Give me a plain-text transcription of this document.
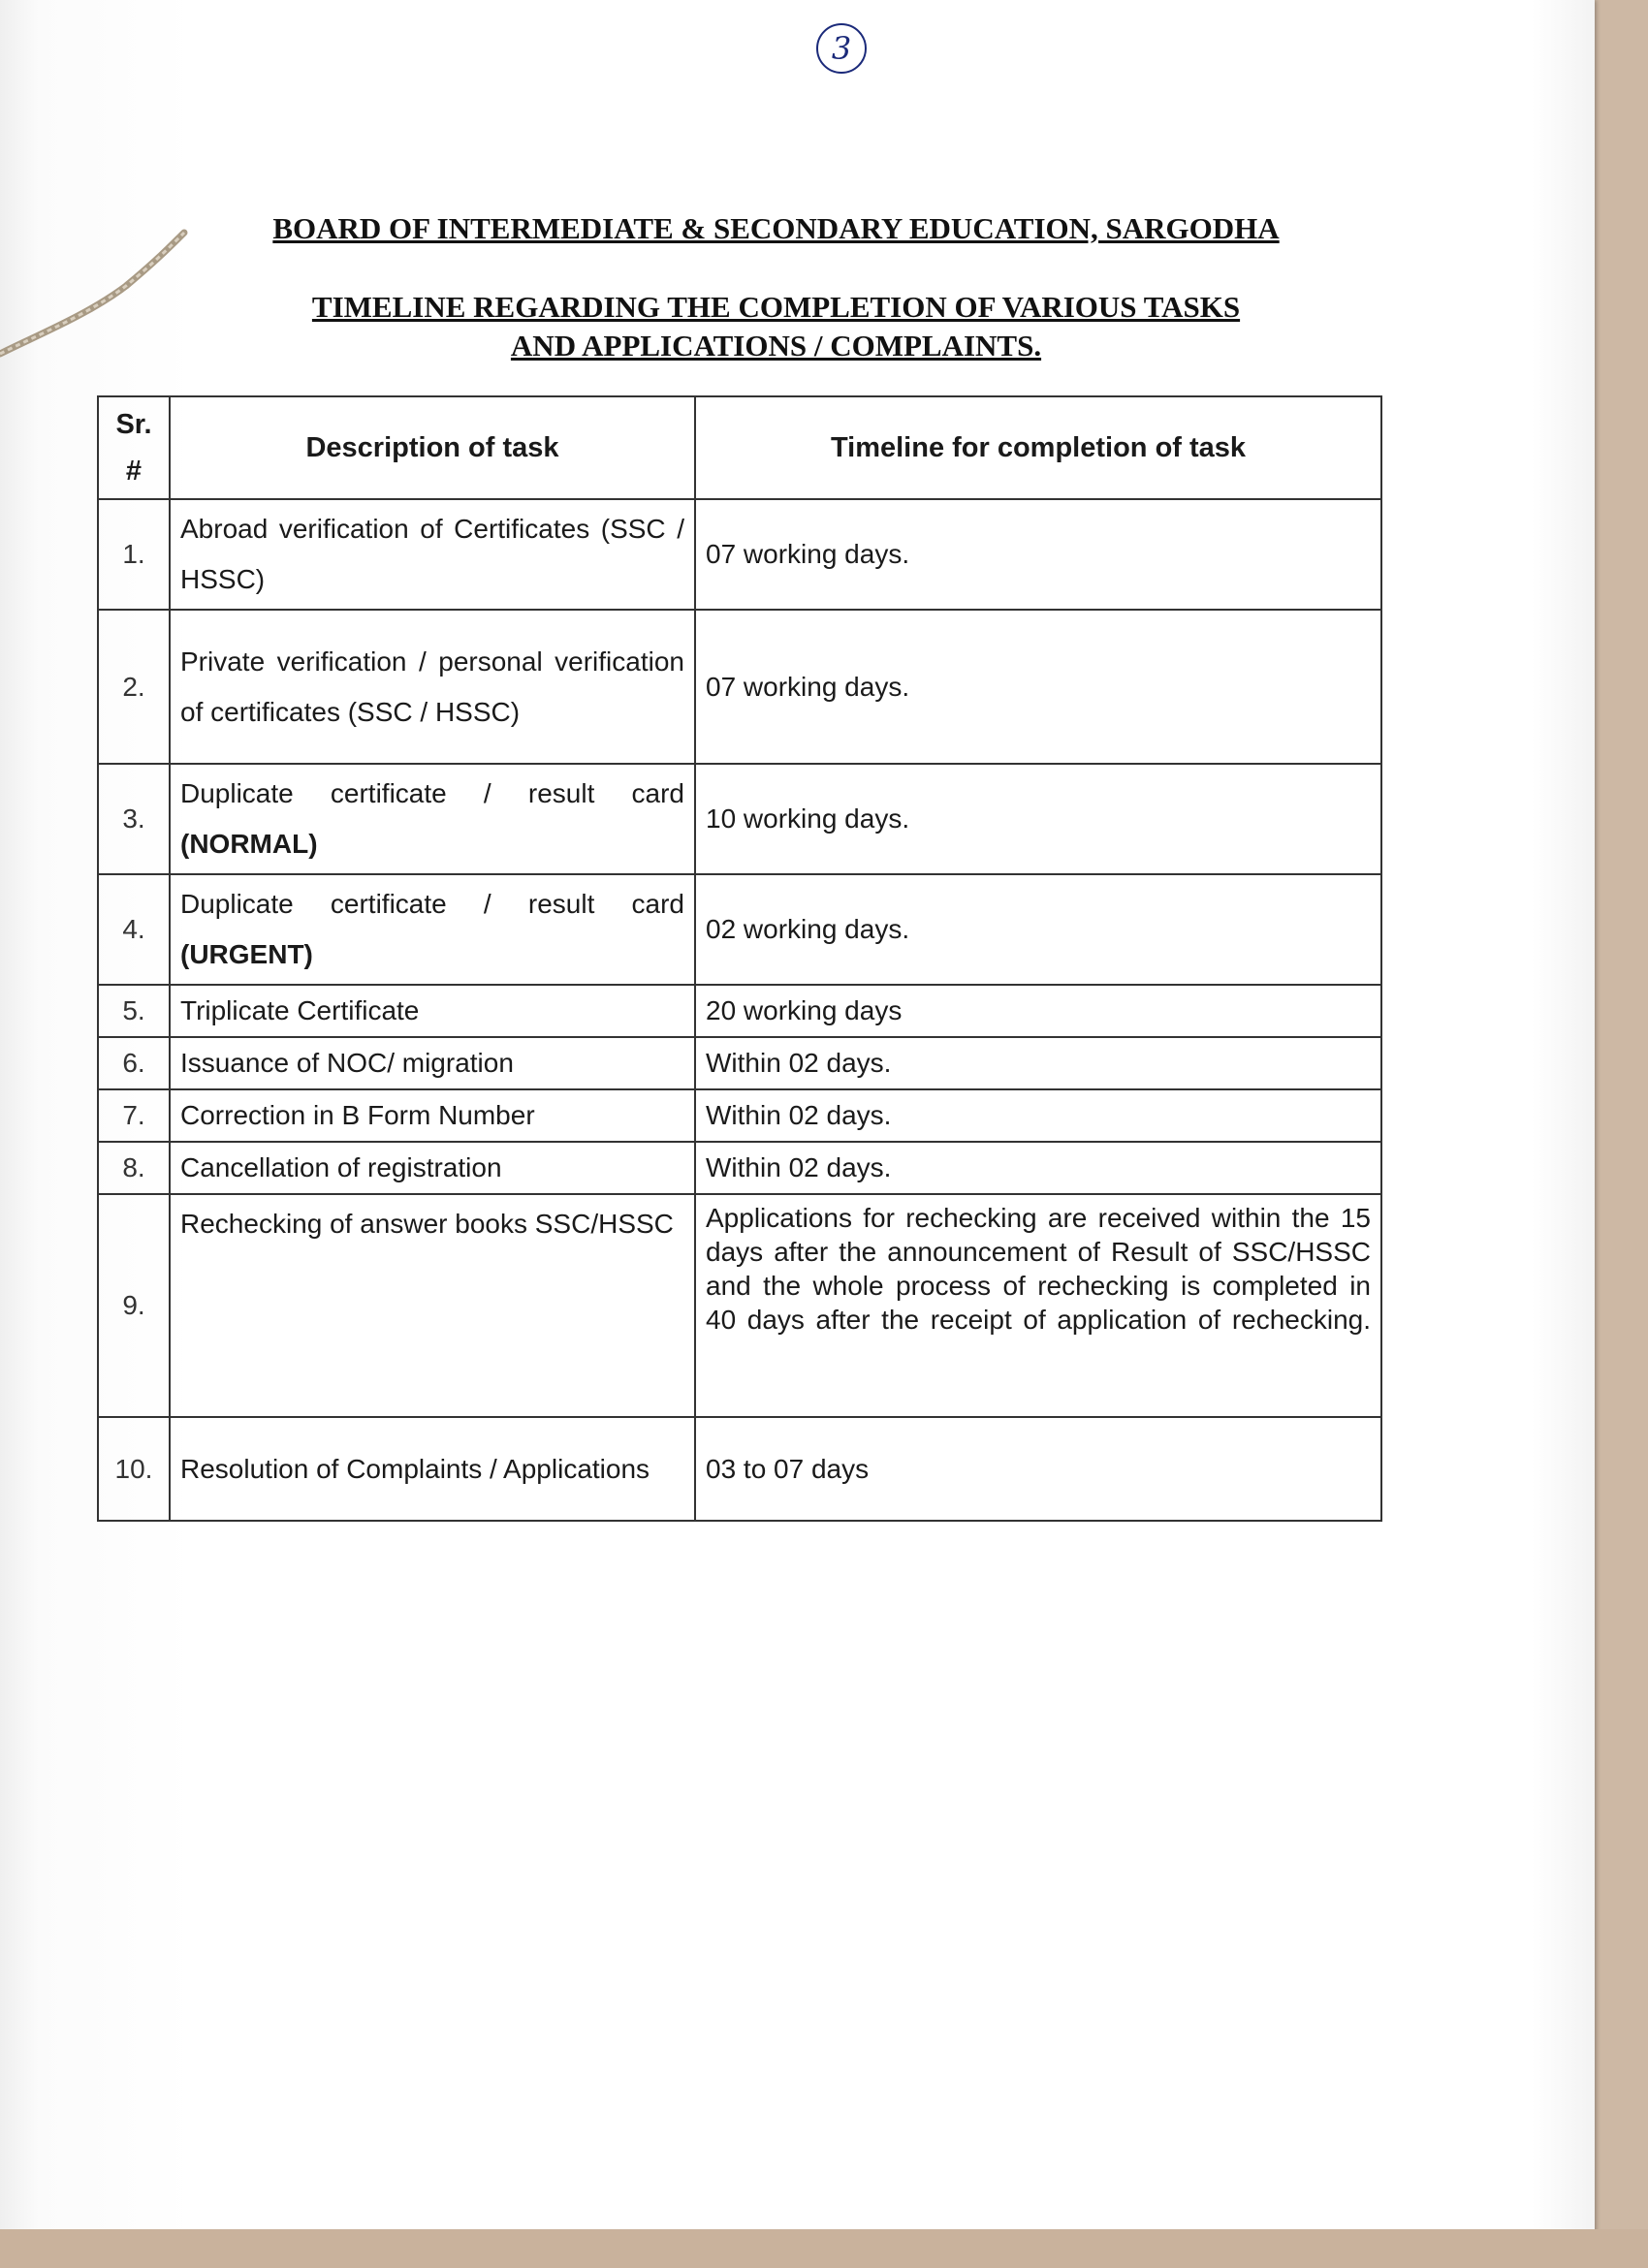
3
BOARD OF INTERMEDIATE & SECONDARY EDUCATION, SARGODHA
TIMELINE REGARDING THE COMPLETION OF VARIOUS TASKS
AND APPLICATIONS / COMPLAINTS.
Sr.
#	Description of task	Timeline for completion of task
1.	Abroad verification of Certificates (SSC / HSSC)	07 working days.
2.	Private verification / personal verification of certificates (SSC / HSSC)	07 working days.
3.	Duplicate certificate / result card (NORMAL)	10 working days.
4.	Duplicate certificate / result card (URGENT)	02 working days.
5.	Triplicate Certificate	20 working days
6.	Issuance of NOC/ migration	Within 02 days.
7.	Correction in B Form Number	Within 02 days.
8.	Cancellation of registration	Within 02 days.
9.	Rechecking of answer books SSC/HSSC	Applications for rechecking are received within the 15 days after the announcement of Result of SSC/HSSC and the whole process of rechecking is completed in 40 days after the receipt of application of rechecking.
10.	Resolution of Complaints / Applications	03 to 07 days
